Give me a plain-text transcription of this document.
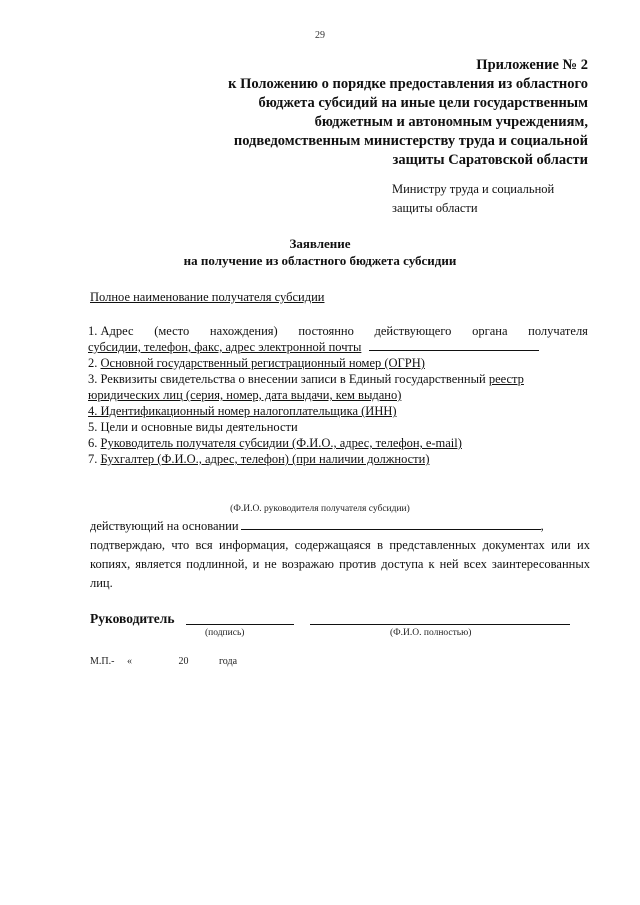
29
Приложение № 2
к Положению о порядке предоставления из областного
бюджета субсидий на иные цели государственным
бюджетным и автономным учреждениям,
подведомственным министерству труда и социальной
защиты Саратовской области
Министру труда и социальной
защиты области
Заявление
на получение из областного бюджета субсидии
Полное наименование получателя субсидии
1. Адрес (место нахождения) постоянно действующего органа получателя
субсидии, телефон, факс, адрес электронной почты
2. Основной государственный регистрационный номер (ОГРН)
3. Реквизиты свидетельства о внесении записи в Единый государственный реестр
юридических лиц (серия, номер, дата выдачи, кем выдано)
4. Идентификационный номер налогоплательщика (ИНН)
5. Цели и основные виды деятельности
6. Руководитель получателя субсидии (Ф.И.О., адрес, телефон, e-mail)
7. Бухгалтер (Ф.И.О., адрес, телефон) (при наличии должности)
(Ф.И.О. руководителя получателя субсидии)
действующий на основании	,
подтверждаю, что вся информация, содержащаяся в представленных документах или их копиях, является подлинной, и не возражаю против доступа к ней всех заинтересованных лиц.
Руководитель
(подпись)	(Ф.И.О. полностью)
М.П.- «	20	года
